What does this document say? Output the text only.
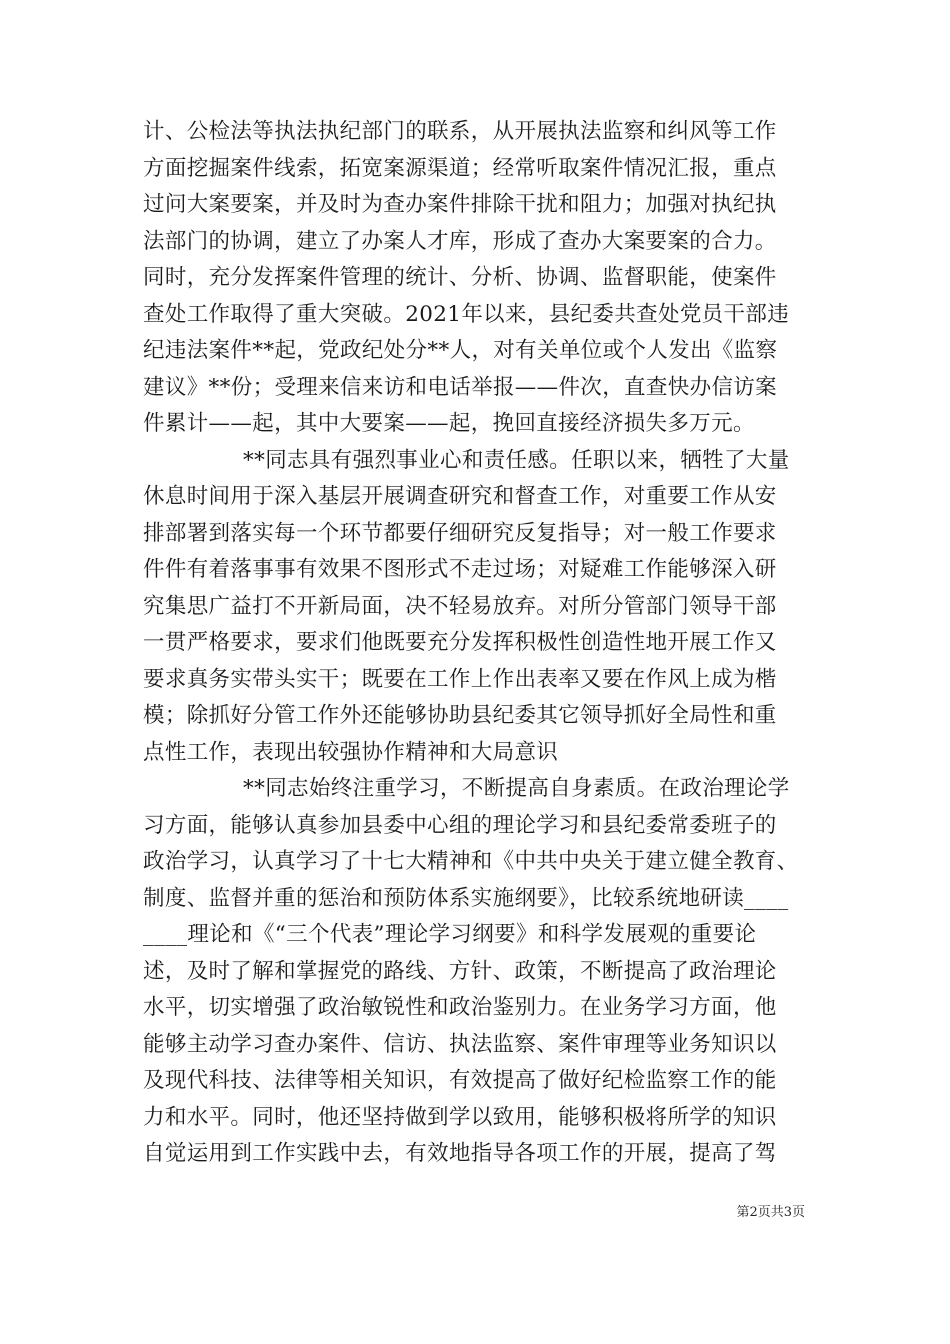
计、公检法等执法执纪部门的联系，从开展执法监察和纠风等工作
方面挖掘案件线索，拓宽案源渠道；经常听取案件情况汇报，重点
过问大案要案，并及时为查办案件排除干扰和阻力；加强对执纪执
法部门的协调，建立了办案人才库，形成了查办大案要案的合力。
同时，充分发挥案件管理的统计、分析、协调、监督职能，使案件
查处工作取得了重大突破。2021年以来，县纪委共查处党员干部违
纪违法案件**起，党政纪处分**人，对有关单位或个人发出《监察
建议》**份；受理来信来访和电话举报——件次，直查快办信访案
件累计——起，其中大要案——起，挽回直接经济损失多万元。
**同志具有强烈事业心和责任感。任职以来，牺牲了大量
休息时间用于深入基层开展调查研究和督查工作，对重要工作从安
排部署到落实每一个环节都要仔细研究反复指导；对一般工作要求
件件有着落事事有效果不图形式不走过场；对疑难工作能够深入研
究集思广益打不开新局面，决不轻易放弃。对所分管部门领导干部
一贯严格要求，要求们他既要充分发挥积极性创造性地开展工作又
要求真务实带头实干；既要在工作上作出表率又要在作风上成为楷
模；除抓好分管工作外还能够协助县纪委其它领导抓好全局性和重
点性工作，表现出较强协作精神和大局意识
**同志始终注重学习，不断提高自身素质。在政治理论学
习方面，能够认真参加县委中心组的理论学习和县纪委常委班子的
政治学习，认真学习了十七大精神和《中共中央关于建立健全教育、
制度、监督并重的惩治和预防体系实施纲要》，比较系统地研读____
____理论和《“三个代表”理论学习纲要》和科学发展观的重要论
述，及时了解和掌握党的路线、方针、政策，不断提高了政治理论
水平，切实增强了政治敏锐性和政治鉴别力。在业务学习方面，他
能够主动学习查办案件、信访、执法监察、案件审理等业务知识以
及现代科技、法律等相关知识，有效提高了做好纪检监察工作的能
力和水平。同时，他还坚持做到学以致用，能够积极将所学的知识
自觉运用到工作实践中去，有效地指导各项工作的开展，提高了驾
第2页共3页
